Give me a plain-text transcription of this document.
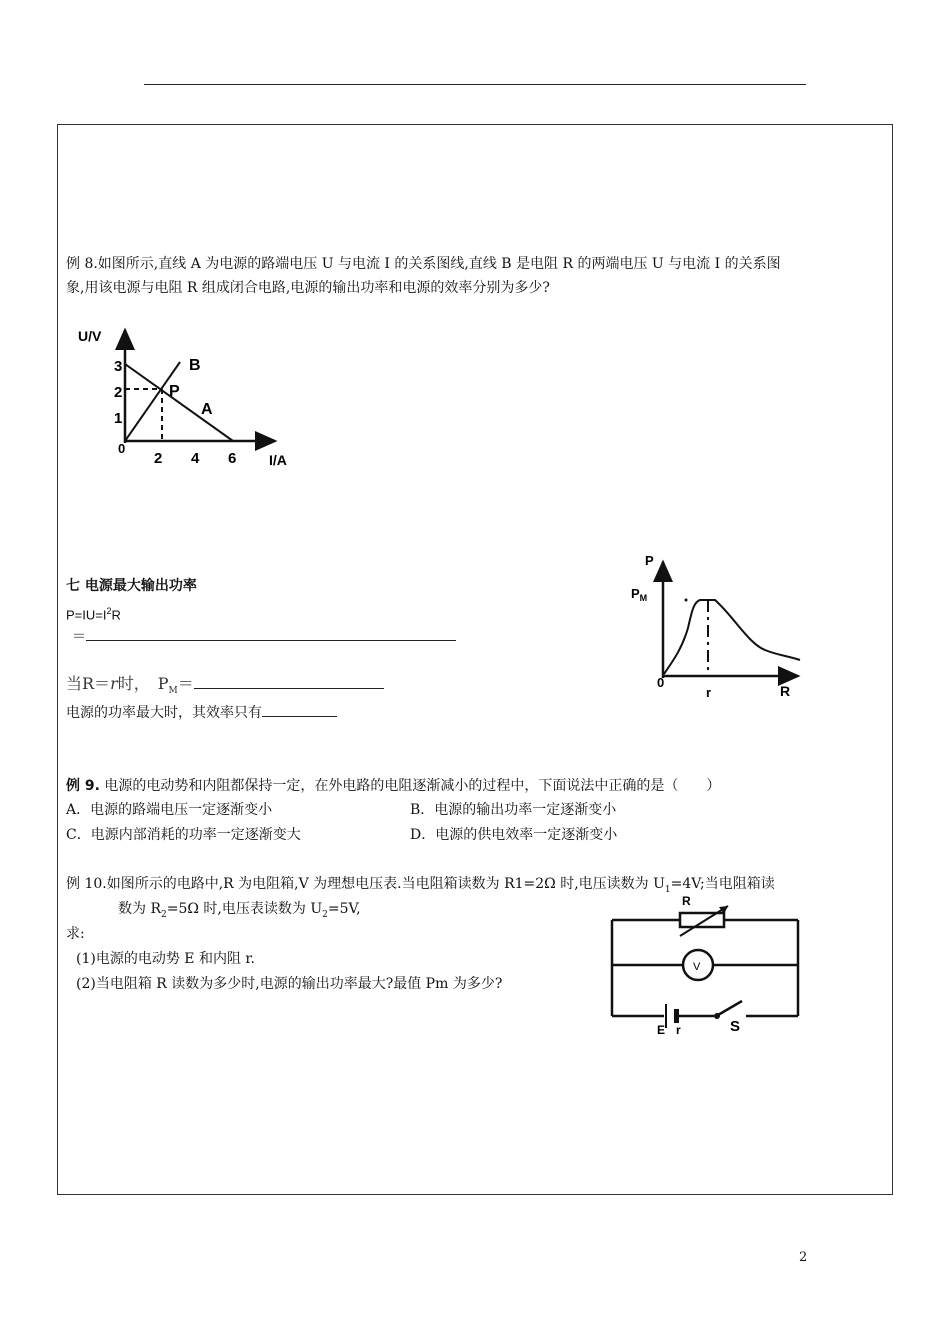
例 8.如图所示,直线 A 为电源的路端电压 U 与电流 I 的关系图线,直线 B 是电阻 R 的两端电压 U 与电流 I 的关系图
象,用该电源与电阻 R 组成闭合电路,电源的输出功率和电源的效率分别为多少?
U/V
3
2
1
0
2 4 6 I/A
B
A
P
七 电源最大输出功率
$P=IU=I^2R$
＝
当R＝r时，  $P_M=$
电源的功率最大时，其效率只有
P
$P_M$
0
r	R
例 9. 电源的电动势和内阻都保持一定，在外电路的电阻逐渐减小的过程中，下面说法中正确的是（　　）
A．电源的路端电压一定逐渐变小	B．电源的输出功率一定逐渐变小
C．电源内部消耗的功率一定逐渐变大	D．电源的供电效率一定逐渐变小
例 10.如图所示的电路中,R 为电阻箱,V 为理想电压表.当电阻箱读数为 R1=2Ω 时,电压读数为 $U_1=4V$;当电阻箱读
数为 $R_2=5\Omega$ 时,电压表读数为 $U_2=5V$,
求:
(1)电源的电动势 E 和内阻 r.
(2)当电阻箱 R 读数为多少时,电源的输出功率最大?最值 Pm 为多少?
R
V
E r	S
2
